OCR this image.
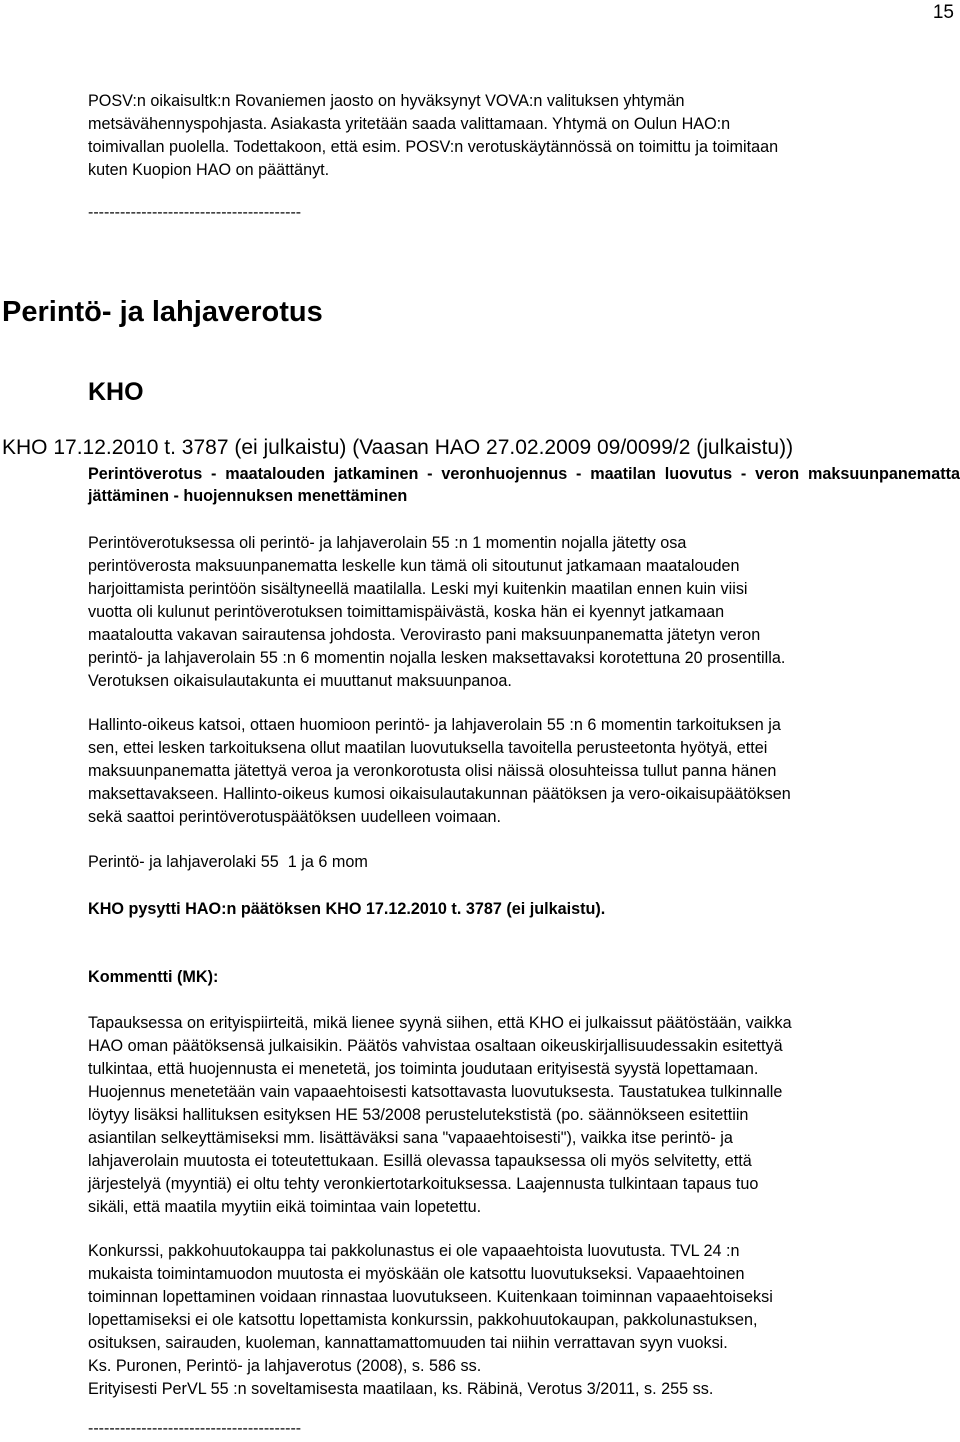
15
POSV:n oikaisultk:n Rovaniemen jaosto on hyväksynyt VOVA:n valituksen yhtymän
metsävähennyspohjasta. Asiakasta yritetään saada valittamaan. Yhtymä on Oulun HAO:n
toimivallan puolella. Todettakoon, että esim. POSV:n verotuskäytännössä on toimittu ja toimitaan
kuten Kuopion HAO on päättänyt.
----------------------------------------
Perintö- ja lahjaverotus
KHO
KHO 17.12.2010 t. 3787 (ei julkaistu) (Vaasan HAO 27.02.2009 09/0099/2 (julkaistu))
Perintöverotus - maatalouden jatkaminen - veronhuojennus - maatilan luovutus - veron maksuunpanematta jättäminen - huojennuksen menettäminen
Perintöverotuksessa oli perintö- ja lahjaverolain 55 :n 1 momentin nojalla jätetty osa
perintöverosta maksuunpanematta leskelle kun tämä oli sitoutunut jatkamaan maatalouden
harjoittamista perintöön sisältyneellä maatilalla. Leski myi kuitenkin maatilan ennen kuin viisi
vuotta oli kulunut perintöverotuksen toimittamispäivästä, koska hän ei kyennyt jatkamaan
maataloutta vakavan sairautensa johdosta. Verovirasto pani maksuunpanematta jätetyn veron
perintö- ja lahjaverolain 55 :n 6 momentin nojalla lesken maksettavaksi korotettuna 20 prosentilla.
Verotuksen oikaisulautakunta ei muuttanut maksuunpanoa.
Hallinto-oikeus katsoi, ottaen huomioon perintö- ja lahjaverolain 55 :n 6 momentin tarkoituksen ja
sen, ettei lesken tarkoituksena ollut maatilan luovutuksella tavoitella perusteetonta hyötyä, ettei
maksuunpanematta jätettyä veroa ja veronkorotusta olisi näissä olosuhteissa tullut panna hänen
maksettavakseen. Hallinto-oikeus kumosi oikaisulautakunnan päätöksen ja vero-oikaisupäätöksen
sekä saattoi perintöverotuspäätöksen uudelleen voimaan.
Perintö- ja lahjaverolaki 55  1 ja 6 mom
KHO pysytti HAO:n päätöksen KHO 17.12.2010 t. 3787 (ei julkaistu).
Kommentti (MK):
Tapauksessa on erityispiirteitä, mikä lienee syynä siihen, että KHO ei julkaissut päätöstään, vaikka
HAO oman päätöksensä julkaisikin. Päätös vahvistaa osaltaan oikeuskirjallisuudessakin esitettyä
tulkintaa, että huojennusta ei menetetä, jos toiminta joudutaan erityisestä syystä lopettamaan.
Huojennus menetetään vain vapaaehtoisesti katsottavasta luovutuksesta. Taustatukea tulkinnalle
löytyy lisäksi hallituksen esityksen HE 53/2008 perustelutekstistä (po. säännökseen esitettiin
asiantilan selkeyttämiseksi mm. lisättäväksi sana "vapaaehtoisesti"), vaikka itse perintö- ja
lahjaverolain muutosta ei toteutettukaan. Esillä olevassa tapauksessa oli myös selvitetty, että
järjestelyä (myyntiä) ei oltu tehty veronkiertotarkoituksessa. Laajennusta tulkintaan tapaus tuo
sikäli, että maatila myytiin eikä toimintaa vain lopetettu.
Konkurssi, pakkohuutokauppa tai pakkolunastus ei ole vapaaehtoista luovutusta. TVL 24 :n
mukaista toimintamuodon muutosta ei myöskään ole katsottu luovutukseksi. Vapaaehtoinen
toiminnan lopettaminen voidaan rinnastaa luovutukseen. Kuitenkaan toiminnan vapaaehtoiseksi
lopettamiseksi ei ole katsottu lopettamista konkurssin, pakkohuutokaupan, pakkolunastuksen,
osituksen, sairauden, kuoleman, kannattamattomuuden tai niihin verrattavan syyn vuoksi.
Ks. Puronen, Perintö- ja lahjaverotus (2008), s. 586 ss.
Erityisesti PerVL 55 :n soveltamisesta maatilaan, ks. Räbinä, Verotus 3/2011, s. 255 ss.
----------------------------------------
